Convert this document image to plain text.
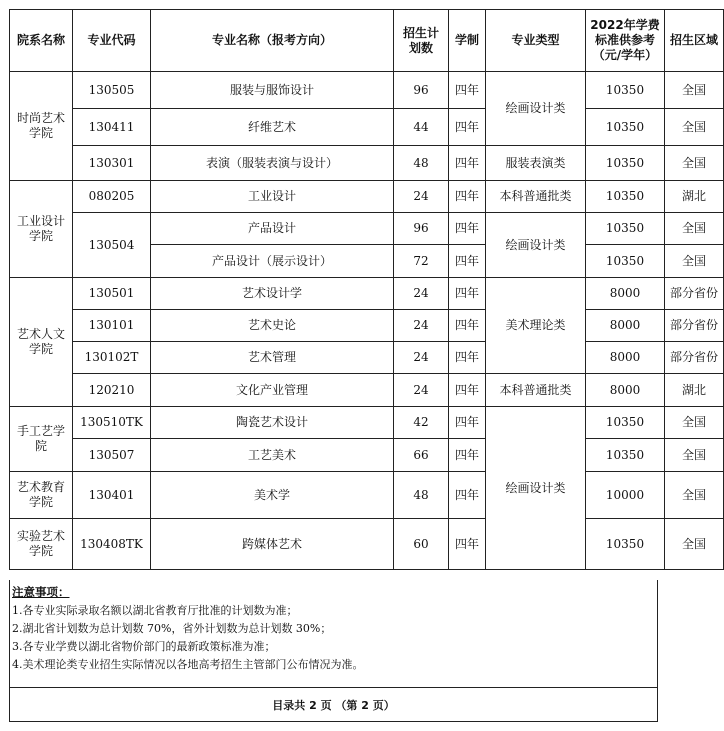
院系名称	专业代码	专业名称（报考方向）	招生计划数	学制	专业类型	2022年学费标准供参考（元/学年）	招生区域
时尚艺术学院	130505	服装与服饰设计	96	四年	绘画设计类	10350	全国
	130411	纤维艺术	44	四年		10350	全国
	130301	表演（服装表演与设计）	48	四年	服装表演类	10350	全国
工业设计学院	080205	工业设计	24	四年	本科普通批类	10350	湖北
	130504	产品设计	96	四年	绘画设计类	10350	全国
		产品设计（展示设计）	72	四年		10350	全国
艺术人文学院	130501	艺术设计学	24	四年	美术理论类	8000	部分省份
	130101	艺术史论	24	四年		8000	部分省份
	130102T	艺术管理	24	四年		8000	部分省份
	120210	文化产业管理	24	四年	本科普通批类	8000	湖北
手工艺学院	130510TK	陶瓷艺术设计	42	四年	绘画设计类	10350	全国
	130507	工艺美术	66	四年		10350	全国
艺术教育学院	130401	美术学	48	四年		10000	全国
实验艺术学院	130408TK	跨媒体艺术	60	四年		10350	全国
注意事项：
1.各专业实际录取名额以湖北省教育厅批准的计划数为准；
2.湖北省计划数为总计划数 70%，省外计划数为总计划数 30%；
3.各专业学费以湖北省物价部门的最新政策标准为准；
4.美术理论类专业招生实际情况以各地高考招生主管部门公布情况为准。
目录共 2 页 （第 2 页）
